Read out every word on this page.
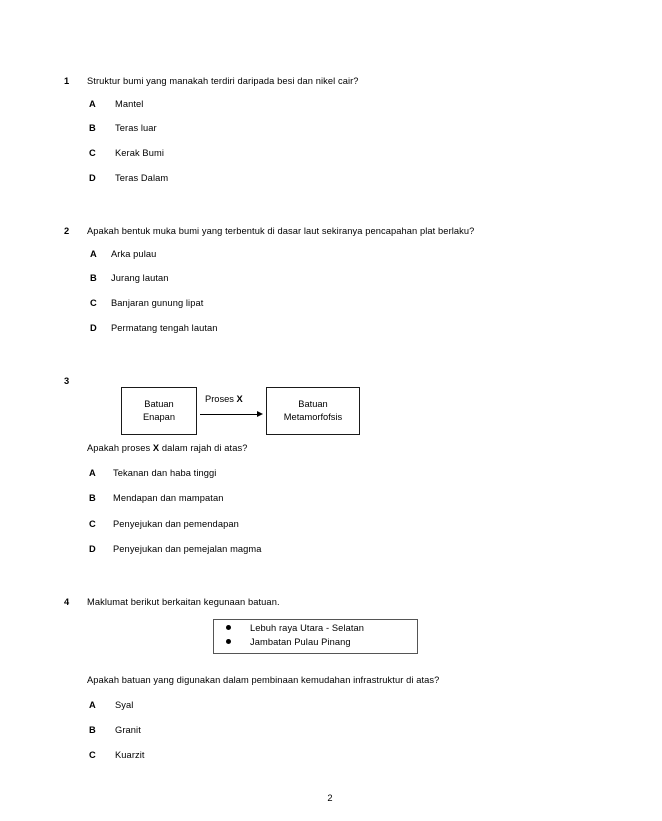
1 Struktur bumi yang manakah terdiri daripada besi dan nikel cair?
A Mantel
B Teras luar
C Kerak Bumi
D Teras Dalam
2 Apakah bentuk muka bumi yang terbentuk di dasar laut sekiranya pencapahan plat berlaku?
A Arka pulau
B Jurang lautan
C Banjaran gunung lipat
D Permatang tengah lautan
3
Batuan
Enapan
Proses X	Batuan
Metamorfofsis
Apakah proses X dalam rajah di atas?
A Tekanan dan haba tinggi
B Mendapan dan mampatan
C Penyejukan dan pemendapan
D Penyejukan dan pemejalan magma
4 Maklumat berikut berkaitan kegunaan batuan.
Lebuh raya Utara - Selatan
Jambatan Pulau Pinang
Apakah batuan yang digunakan dalam pembinaan kemudahan infrastruktur di atas?
A Syal
B Granit
C Kuarzit
2
